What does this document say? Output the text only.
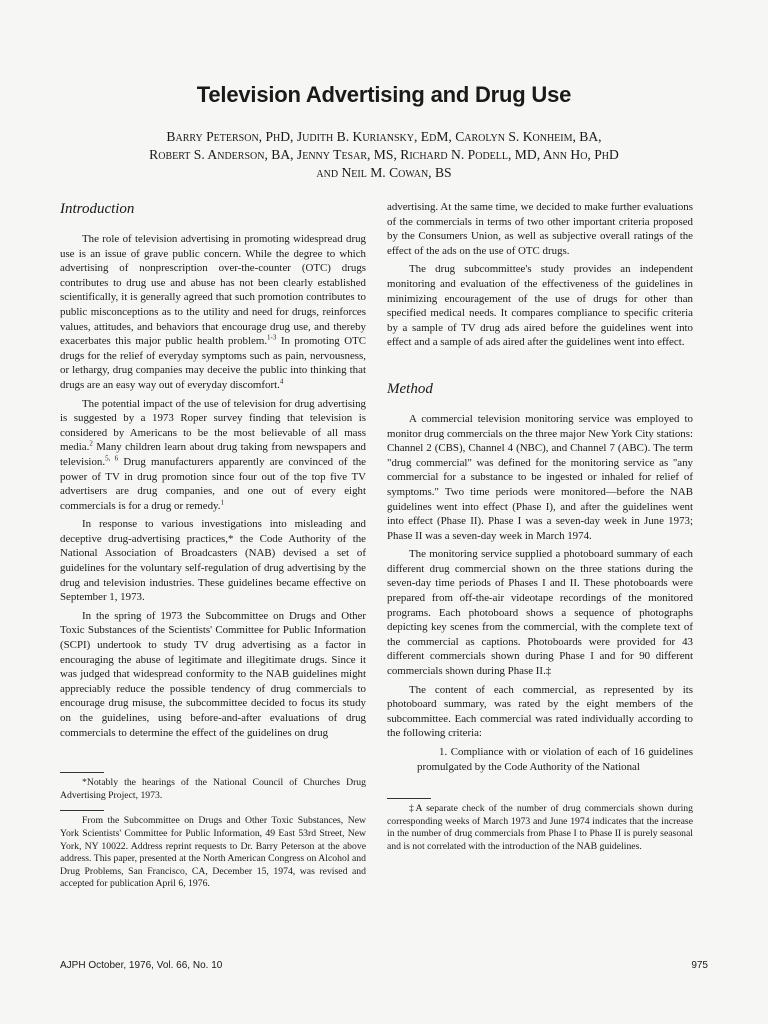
Television Advertising and Drug Use
Barry Peterson, PhD, Judith B. Kuriansky, EdM, Carolyn S. Konheim, BA,
Robert S. Anderson, BA, Jenny Tesar, MS, Richard N. Podell, MD, Ann Ho, PhD
and Neil M. Cowan, BS
Introduction

The role of television advertising in promoting widespread drug use is an issue of grave public concern. While the degree to which advertising of nonprescription over-the-counter (OTC) drugs contributes to drug use and abuse has not been clearly established scientifically, it is generally agreed that such promotion contributes to public misconceptions as to the utility and need for drugs, reinforces values, attitudes, and behaviors that encourage drug use, and thereby exacerbates this major public health problem.$^{1-3}$ In promoting OTC drugs for the relief of everyday symptoms such as pain, nervousness, or lethargy, drug companies may deceive the public into thinking that drugs are an easy way out of everyday discomfort.$^4$

The potential impact of the use of television for drug advertising is suggested by a 1973 Roper survey finding that television is considered by Americans to be the most believable of all mass media.$^2$ Many children learn about drug taking from newspapers and television.$^{5, 6}$ Drug manufacturers apparently are convinced of the power of TV in drug promotion since four out of the top five TV advertisers are drug companies, and one out of every eight commercials is for a drug or remedy.$^1$

In response to various investigations into misleading and deceptive drug-advertising practices,* the Code Authority of the National Association of Broadcasters (NAB) devised a set of guidelines for the voluntary self-regulation of drug advertising by the drug and television industries. These guidelines became effective on September 1, 1973.

In the spring of 1973 the Subcommittee on Drugs and Other Toxic Substances of the Scientists' Committee for Public Information (SCPI) undertook to study TV drug advertising as a factor in encouraging the abuse of legitimate and illegitimate drugs. Since it was judged that widespread conformity to the NAB guidelines might appreciably reduce the possible tendency of drug commercials to encourage drug misuse, the subcommittee decided to focus its study on the guidelines, using before-and-after evaluations of drug commercials to determine the effect of the guidelines on drug

*Notably the hearings of the National Council of Churches Drug Advertising Project, 1973.
From the Subcommittee on Drugs and Other Toxic Substances, New York Scientists' Committee for Public Information, 49 East 53rd Street, New York, NY 10022. Address reprint requests to Dr. Barry Peterson at the above address. This paper, presented at the North American Congress on Alcohol and Drug Problems, San Francisco, CA, December 15, 1974, was revised and accepted for publication April 6, 1976.

advertising. At the same time, we decided to make further evaluations of the commercials in terms of two other important criteria proposed by the Consumers Union, as well as subjective overall ratings of the effect of the ads on the use of OTC drugs.

The drug subcommittee's study provides an independent monitoring and evaluation of the effectiveness of the guidelines in minimizing encouragement of the use of drugs for other than specified medical needs. It compares compliance to specific criteria by a sample of TV drug ads aired before the guidelines went into effect and a sample of ads aired after the guidelines went into effect.

Method

A commercial television monitoring service was employed to monitor drug commercials on the three major New York City stations: Channel 2 (CBS), Channel 4 (NBC), and Channel 7 (ABC). The term "drug commercial" was defined for the monitoring service as "any commercial for a substance to be ingested or inhaled for relief of symptoms." Two time periods were monitored—before the NAB guidelines went into effect (Phase I), and after the guidelines went into effect (Phase II). Phase I was a seven-day week in June 1973; Phase II was a seven-day week in March 1974.

The monitoring service supplied a photoboard summary of each different drug commercial shown on the three stations during the seven-day time periods of Phases I and II. These photoboards were prepared from off-the-air videotape recordings of the monitored programs. Each photoboard shows a sequence of photographs depicting key scenes from the commercial, with the complete text of the commercial as captions. Photoboards were provided for 43 different commercials shown during Phase I and for 90 different commercials shown during Phase II.‡

The content of each commercial, as represented by its photoboard summary, was rated by the eight members of the subcommittee. Each commercial was rated individually according to the following criteria:

1. Compliance with or violation of each of 16 guidelines promulgated by the Code Authority of the National

‡A separate check of the number of drug commercials shown during corresponding weeks of March 1973 and June 1974 indicates that the increase in the number of drug commercials from Phase I to Phase II is purely seasonal and is not correlated with the introduction of the NAB guidelines.
AJPH October, 1976, Vol. 66, No. 10	975
